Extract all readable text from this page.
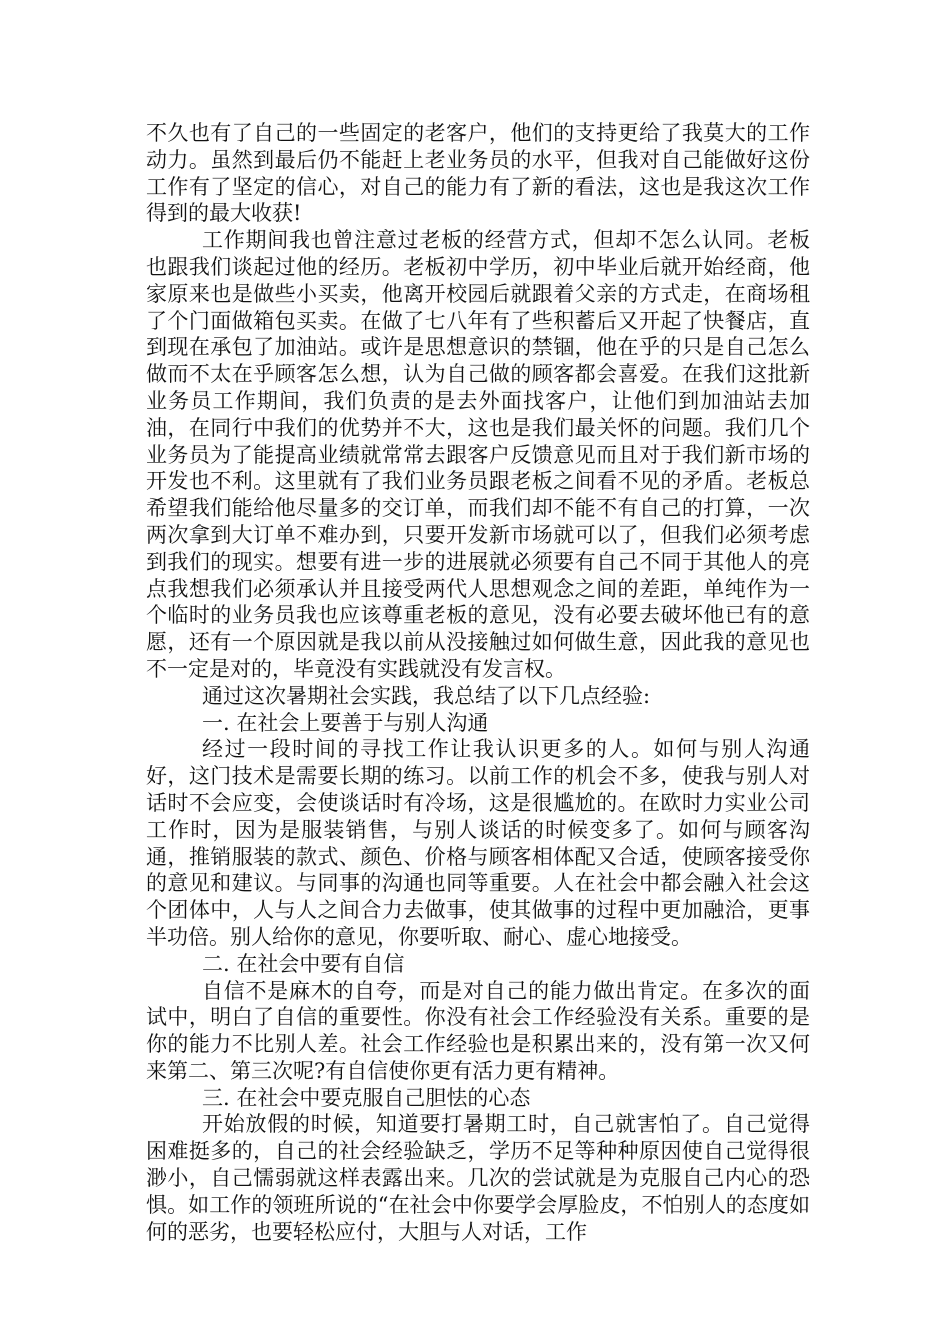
不久也有了自己的一些固定的老客户，他们的支持更给了我莫大的工作动力。虽然到最后仍不能赶上老业务员的水平，但我对自己能做好这份工作有了坚定的信心，对自己的能力有了新的看法，这也是我这次工作得到的最大收获!

工作期间我也曾注意过老板的经营方式，但却不怎么认同。老板也跟我们谈起过他的经历。老板初中学历，初中毕业后就开始经商，他家原来也是做些小买卖，他离开校园后就跟着父亲的方式走，在商场租了个门面做箱包买卖。在做了七八年有了些积蓄后又开起了快餐店，直到现在承包了加油站。或许是思想意识的禁锢，他在乎的只是自己怎么做而不太在乎顾客怎么想，认为自己做的顾客都会喜爱。在我们这批新业务员工作期间，我们负责的是去外面找客户，让他们到加油站去加油，在同行中我们的优势并不大，这也是我们最关怀的问题。我们几个业务员为了能提高业绩就常常去跟客户反馈意见而且对于我们新市场的开发也不利。这里就有了我们业务员跟老板之间看不见的矛盾。老板总希望我们能给他尽量多的交订单，而我们却不能不有自己的打算，一次两次拿到大订单不难办到，只要开发新市场就可以了，但我们必须考虑到我们的现实。想要有进一步的进展就必须要有自己不同于其他人的亮点我想我们必须承认并且接受两代人思想观念之间的差距，单纯作为一个临时的业务员我也应该尊重老板的意见，没有必要去破坏他已有的意愿，还有一个原因就是我以前从没接触过如何做生意，因此我的意见也不一定是对的，毕竟没有实践就没有发言权。

通过这次暑期社会实践，我总结了以下几点经验:

一. 在社会上要善于与别人沟通

经过一段时间的寻找工作让我认识更多的人。如何与别人沟通好，这门技术是需要长期的练习。以前工作的机会不多，使我与别人对话时不会应变，会使谈话时有冷场，这是很尴尬的。在欧时力实业公司工作时，因为是服装销售，与别人谈话的时候变多了。如何与顾客沟通，推销服装的款式、颜色、价格与顾客相体配又合适，使顾客接受你的意见和建议。与同事的沟通也同等重要。人在社会中都会融入社会这个团体中，人与人之间合力去做事，使其做事的过程中更加融洽，更事半功倍。别人给你的意见，你要听取、耐心、虚心地接受。

二. 在社会中要有自信

自信不是麻木的自夸，而是对自己的能力做出肯定。在多次的面试中，明白了自信的重要性。你没有社会工作经验没有关系。重要的是你的能力不比别人差。社会工作经验也是积累出来的，没有第一次又何来第二、第三次呢?有自信使你更有活力更有精神。

三. 在社会中要克服自己胆怯的心态

开始放假的时候，知道要打暑期工时，自己就害怕了。自己觉得困难挺多的，自己的社会经验缺乏，学历不足等种种原因使自己觉得很渺小，自己懦弱就这样表露出来。几次的尝试就是为克服自己内心的恐惧。如工作的领班所说的“在社会中你要学会厚脸皮，不怕别人的态度如何的恶劣，也要轻松应付，大胆与人对话，工作
